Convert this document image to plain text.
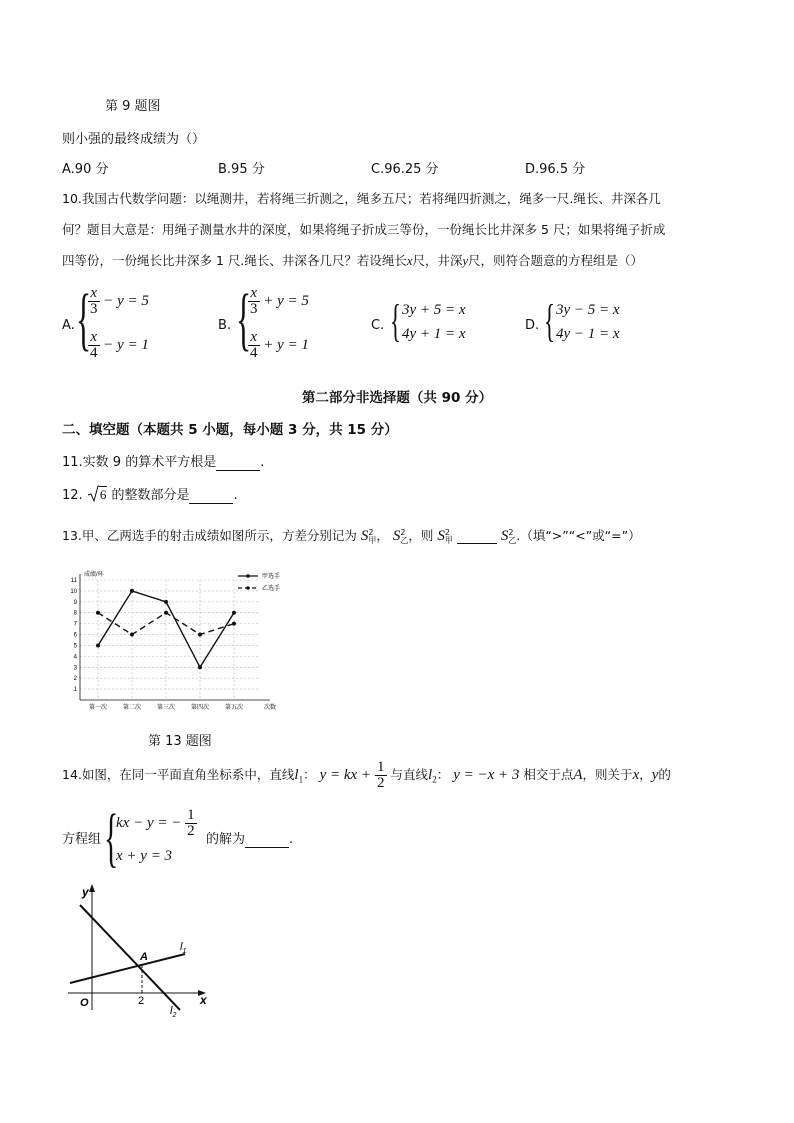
第 9 题图
则小强的最终成绩为（）
A.90 分	B.95 分	C.96.25 分	D.96.5 分
10.我国古代数学问题：以绳测井，若将绳三折测之，绳多五尺；若将绳四折测之，绳多一尺.绳长、井深各几
何？题目大意是：用绳子测量水井的深度，如果将绳子折成三等份，一份绳长比井深多 5 尺；如果将绳子折成
四等份，一份绳长比井深多 1 尺.绳长、井深各几尺？若设绳长x尺，井深y尺，则符合题意的方程组是（）
A. {
$\frac{x}{3} - y = 5$
$\frac{x}{4} - y = 1$
B. {
$\frac{x}{3} + y = 5$
$\frac{x}{4} + y = 1$
C. { 3y + 5 = x
4y + 1 = x
D. { 3y − 5 = x
4y − 1 = x
第二部分非选择题（共 90 分）
二、填空题（本题共 5 小题，每小题 3 分，共 15 分）
11.实数 9 的算术平方根是	.
12. 6 的整数部分是	.
13.甲、乙两选手的射击成绩如图所示，方差分别记为 S 2
甲 ， S 2
乙 ，则 S 2
甲	S 2
乙 .（填“>”“<”或“=”）
1
2
3
4
5
6
7
8
9
10
11
第一次	第二次	第三次	第四次	第五次	次数
成绩/环	甲选手
乙选手
第 13 题图
14.如图，在同一平面直角坐标系中，直线$l_1$： y = kx + $\frac{1}{2}$ 与直线$l_2$： y = −x + 3 相交于点A，则关于x，y的
方程组 {
kx − y = − $\frac{1}{2}$
x + y = 3
的解为	.
y
x
O
A
2
$l_1$
$l_2$
